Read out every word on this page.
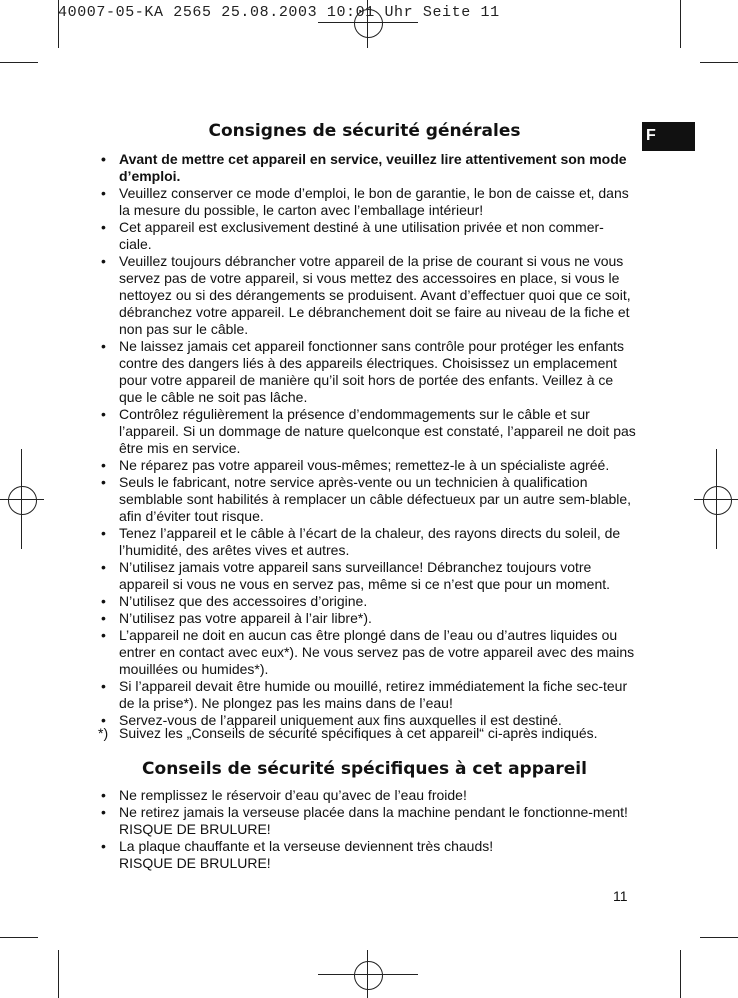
40007-05-KA 2565 25.08.2003 10:01 Uhr Seite 11
F
Consignes de sécurité générales
• Avant de mettre cet appareil en service, veuillez lire attentivement son mode d’emploi.
• Veuillez conserver ce mode d’emploi, le bon de garantie, le bon de caisse et, dans la mesure du possible, le carton avec l’emballage intérieur!
• Cet appareil est exclusivement destiné à une utilisation privée et non commer-ciale.
• Veuillez toujours débrancher votre appareil de la prise de courant si vous ne vous servez pas de votre appareil, si vous mettez des accessoires en place, si vous le nettoyez ou si des dérangements se produisent. Avant d’effectuer quoi que ce soit, débranchez votre appareil. Le débranchement doit se faire au niveau de la fiche et non pas sur le câble.
• Ne laissez jamais cet appareil fonctionner sans contrôle pour protéger les enfants contre des dangers liés à des appareils électriques. Choisissez un emplacement pour votre appareil de manière qu’il soit hors de portée des enfants. Veillez à ce que le câble ne soit pas lâche.
• Contrôlez régulièrement la présence d’endommagements sur le câble et sur l’appareil. Si un dommage de nature quelconque est constaté, l’appareil ne doit pas être mis en service.
• Ne réparez pas votre appareil vous-mêmes; remettez-le à un spécialiste agréé.
• Seuls le fabricant, notre service après-vente ou un technicien à qualification semblable sont habilités à remplacer un câble défectueux par un autre sem-blable, afin d’éviter tout risque.
• Tenez l’appareil et le câble à l’écart de la chaleur, des rayons directs du soleil, de l’humidité, des arêtes vives et autres.
• N’utilisez jamais votre appareil sans surveillance! Débranchez toujours votre appareil si vous ne vous en servez pas, même si ce n’est que pour un moment.
• N’utilisez que des accessoires d’origine.
• N’utilisez pas votre appareil à l’air libre*).
• L’appareil ne doit en aucun cas être plongé dans de l’eau ou d’autres liquides ou entrer en contact avec eux*). Ne vous servez pas de votre appareil avec des mains mouillées ou humides*).
• Si l’appareil devait être humide ou mouillé, retirez immédiatement la fiche sec-teur de la prise*). Ne plongez pas les mains dans de l’eau!
• Servez-vous de l’appareil uniquement aux fins auxquelles il est destiné.
*) Suivez les „Conseils de sécurité spécifiques à cet appareil“ ci-après indiqués.
Conseils de sécurité spécifiques à cet appareil
• Ne remplissez le réservoir d’eau qu’avec de l’eau froide!
• Ne retirez jamais la verseuse placée dans la machine pendant le fonctionne-ment! RISQUE DE BRULURE!
• La plaque chauffante et la verseuse deviennent très chauds!
RISQUE DE BRULURE!
11
